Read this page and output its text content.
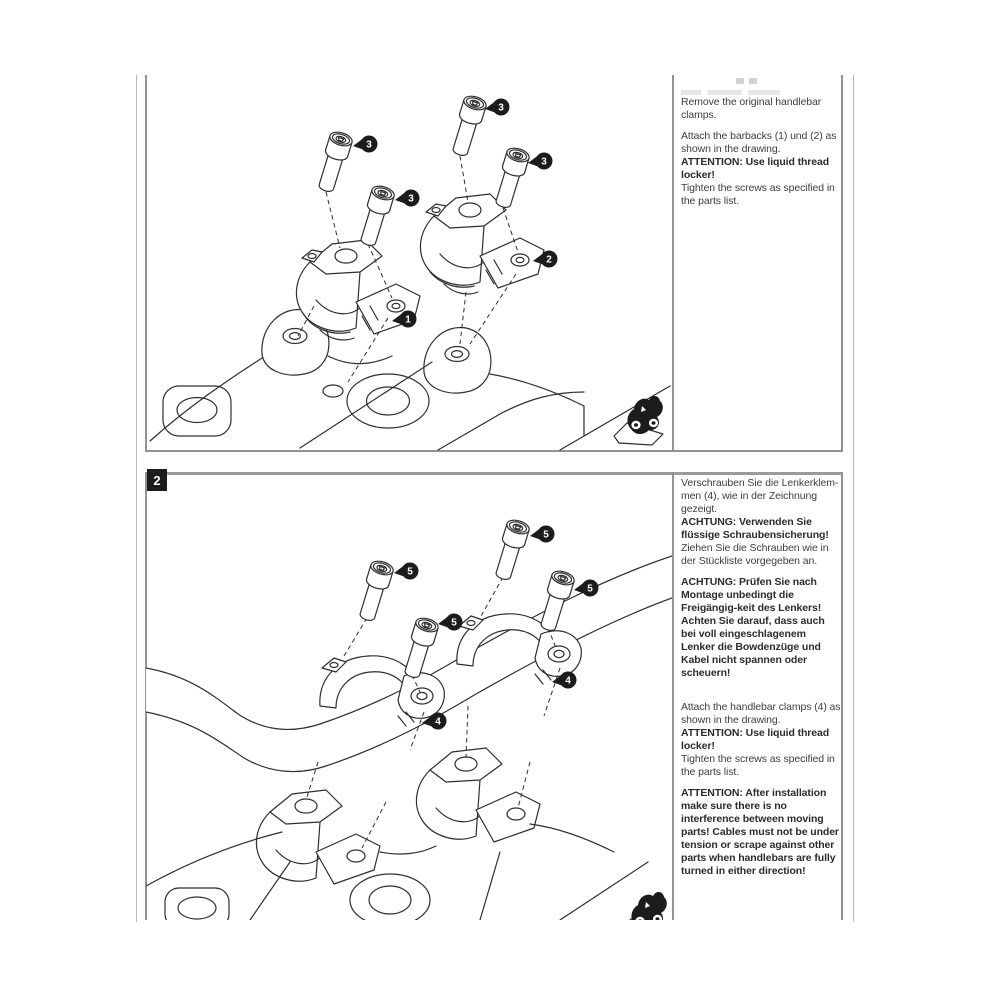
3
3
3
3
1
2
Remove the original handlebar clamps.
Attach the barbacks (1) und (2) as shown in the drawing.
ATTENTION: Use liquid thread locker!
Tighten the screws as specified in the parts list.
2
5
5
5
5
4
4
Verschrauben Sie die Lenkerklem-men (4), wie in der Zeichnung gezeigt.
ACHTUNG: Verwenden Sie flüssige Schraubensicherung!
Ziehen Sie die Schrauben wie in der Stückliste vorgegeben an.
ACHTUNG: Prüfen Sie nach Montage unbedingt die Freigängig-keit des Lenkers! Achten Sie darauf, dass auch bei voll eingeschlagenem Lenker die Bowdenzüge und Kabel nicht spannen oder scheuern!
Attach the handlebar clamps (4) as shown in the drawing.
ATTENTION: Use liquid thread locker!
Tighten the screws as specified in the parts list.
ATTENTION: After installation make sure there is no interference between moving parts! Cables must not be under tension or scrape against other parts when handlebars are fully turned in either direction!
